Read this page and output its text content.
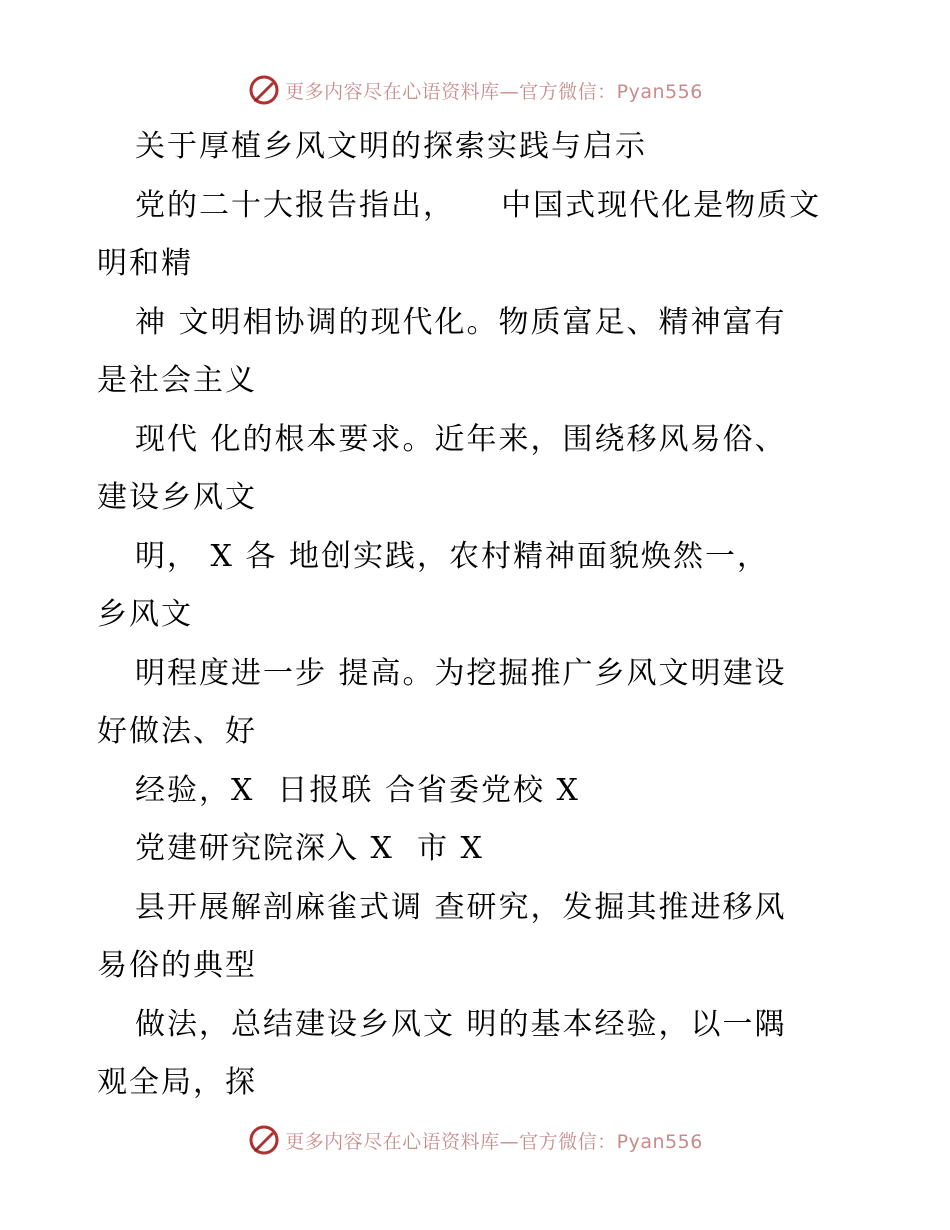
更多内容尽在心语资料库—官方微信：Pyan556
关于厚植乡风文明的探索实践与启示
党的二十大报告指出，    中国式现代化是物质文
明和精
神 文明相协调的现代化。物质富足、精神富有
是社会主义
现代 化的根本要求。近年来，围绕移风易俗、
建设乡风文
明， X 各 地创实践，农村精神面貌焕然一，
乡风文
明程度进一步 提高。为挖掘推广乡风文明建设
好做法、好
经验，X  日报联 合省委党校 X
党建研究院深入 X  市 X
县开展解剖麻雀式调 查研究，发掘其推进移风
易俗的典型
做法，总结建设乡风文 明的基本经验，以一隅
观全局，探
更多内容尽在心语资料库—官方微信：Pyan556
